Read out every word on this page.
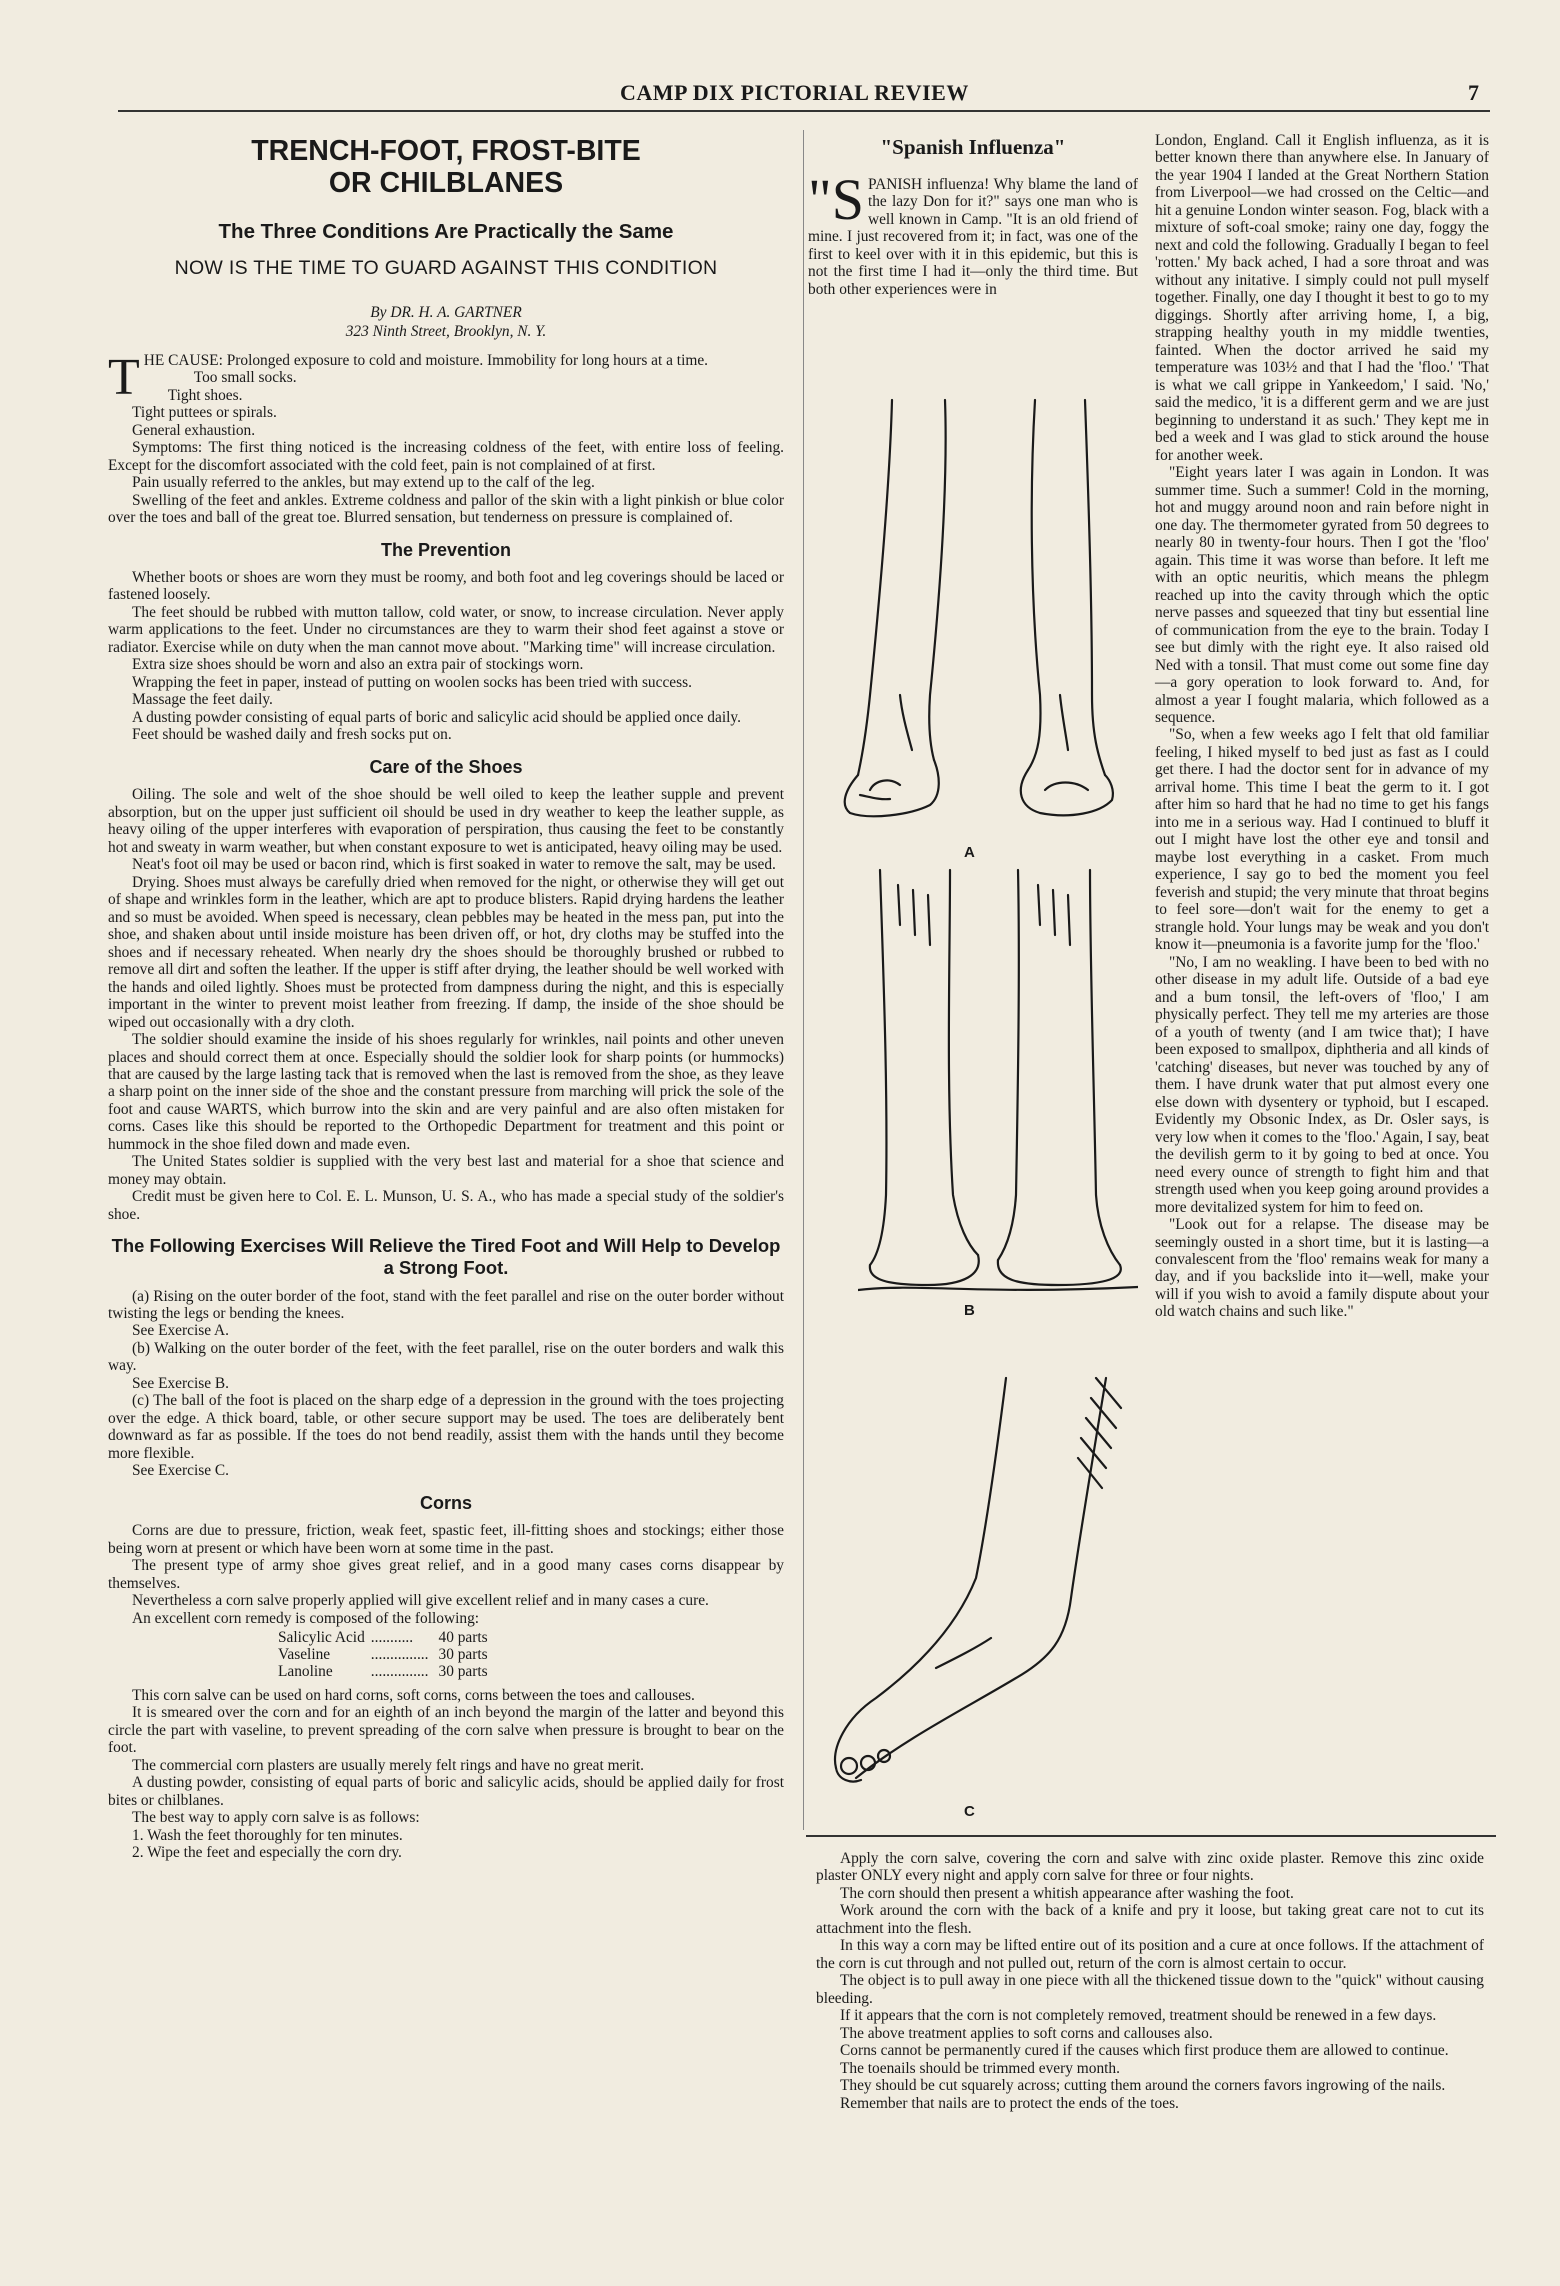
CAMP DIX PICTORIAL REVIEW	7
TRENCH-FOOT, FROST-BITE
OR CHILBLANES
The Three Conditions Are Practically the Same
NOW IS THE TIME TO GUARD AGAINST THIS CONDITION
By DR. H. A. GARTNER
323 Ninth Street, Brooklyn, N. Y.

THE CAUSE: Prolonged exposure to cold and moisture. Immobility for long hours at a time.

Too small socks.

Tight shoes.

Tight puttees or spirals.

General exhaustion.

Symptoms: The first thing noticed is the increasing coldness of the feet, with entire loss of feeling. Except for the discomfort associated with the cold feet, pain is not complained of at first.

Pain usually referred to the ankles, but may extend up to the calf of the leg.

Swelling of the feet and ankles. Extreme coldness and pallor of the skin with a light pinkish or blue color over the toes and ball of the great toe. Blurred sensation, but tenderness on pressure is complained of.

The Prevention

Whether boots or shoes are worn they must be roomy, and both foot and leg coverings should be laced or fastened loosely.

The feet should be rubbed with mutton tallow, cold water, or snow, to increase circulation. Never apply warm applications to the feet. Under no circumstances are they to warm their shod feet against a stove or radiator. Exercise while on duty when the man cannot move about. "Marking time" will increase circulation.

Extra size shoes should be worn and also an extra pair of stockings worn.

Wrapping the feet in paper, instead of putting on woolen socks has been tried with success.

Massage the feet daily.

A dusting powder consisting of equal parts of boric and salicylic acid should be applied once daily.

Feet should be washed daily and fresh socks put on.

Care of the Shoes

Oiling. The sole and welt of the shoe should be well oiled to keep the leather supple and prevent absorption, but on the upper just sufficient oil should be used in dry weather to keep the leather supple, as heavy oiling of the upper interferes with evaporation of perspiration, thus causing the feet to be constantly hot and sweaty in warm weather, but when constant exposure to wet is anticipated, heavy oiling may be used.

Neat's foot oil may be used or bacon rind, which is first soaked in water to remove the salt, may be used.

Drying. Shoes must always be carefully dried when removed for the night, or otherwise they will get out of shape and wrinkles form in the leather, which are apt to produce blisters. Rapid drying hardens the leather and so must be avoided. When speed is necessary, clean pebbles may be heated in the mess pan, put into the shoe, and shaken about until inside moisture has been driven off, or hot, dry cloths may be stuffed into the shoes and if necessary reheated. When nearly dry the shoes should be thoroughly brushed or rubbed to remove all dirt and soften the leather. If the upper is stiff after drying, the leather should be well worked with the hands and oiled lightly. Shoes must be protected from dampness during the night, and this is especially important in the winter to prevent moist leather from freezing. If damp, the inside of the shoe should be wiped out occasionally with a dry cloth.

The soldier should examine the inside of his shoes regularly for wrinkles, nail points and other uneven places and should correct them at once. Especially should the soldier look for sharp points (or hummocks) that are caused by the large lasting tack that is removed when the last is removed from the shoe, as they leave a sharp point on the inner side of the shoe and the constant pressure from marching will prick the sole of the foot and cause WARTS, which burrow into the skin and are very painful and are also often mistaken for corns. Cases like this should be reported to the Orthopedic Department for treatment and this point or hummock in the shoe filed down and made even.

The United States soldier is supplied with the very best last and material for a shoe that science and money may obtain.

Credit must be given here to Col. E. L. Munson, U. S. A., who has made a special study of the soldier's shoe.

The Following Exercises Will Relieve the Tired Foot and Will Help to Develop a Strong Foot.

(a) Rising on the outer border of the foot, stand with the feet parallel and rise on the outer border without twisting the legs or bending the knees.

See Exercise A.

(b) Walking on the outer border of the feet, with the feet parallel, rise on the outer borders and walk this way.

See Exercise B.

(c) The ball of the foot is placed on the sharp edge of a depression in the ground with the toes projecting over the edge. A thick board, table, or other secure support may be used. The toes are deliberately bent downward as far as possible. If the toes do not bend readily, assist them with the hands until they become more flexible.

See Exercise C.

Corns

Corns are due to pressure, friction, weak feet, spastic feet, ill-fitting shoes and stockings; either those being worn at present or which have been worn at some time in the past.

The present type of army shoe gives great relief, and in a good many cases corns disappear by themselves.

Nevertheless a corn salve properly applied will give excellent relief and in many cases a cure.

An excellent corn remedy is composed of the following:

Salicylic Acid	...........	40 parts
Vaseline	...............	30 parts
Lanoline	...............	30 parts

This corn salve can be used on hard corns, soft corns, corns between the toes and callouses.

It is smeared over the corn and for an eighth of an inch beyond the margin of the latter and beyond this circle the part with vaseline, to prevent spreading of the corn salve when pressure is brought to bear on the foot.

The commercial corn plasters are usually merely felt rings and have no great merit.

A dusting powder, consisting of equal parts of boric and salicylic acids, should be applied daily for frost bites or chilblanes.

The best way to apply corn salve is as follows:

1. Wash the feet thoroughly for ten minutes.
2. Wipe the feet and especially the corn dry.
"Spanish Influenza"

"S PANISH influenza! Why blame the land of the lazy Don for it?" says one man who is well known in Camp. "It is an old friend of mine. I just recovered from it; in fact, was one of the first to keel over with it in this epidemic, but this is not the first time I had it—only the third time. But both other experiences were in

A
B
C

London, England. Call it English influenza, as it is better known there than anywhere else. In January of the year 1904 I landed at the Great Northern Station from Liverpool—we had crossed on the Celtic—and hit a genuine London winter season. Fog, black with a mixture of soft-coal smoke; rainy one day, foggy the next and cold the following. Gradually I began to feel 'rotten.' My back ached, I had a sore throat and was without any initative. I simply could not pull myself together. Finally, one day I thought it best to go to my diggings. Shortly after arriving home, I, a big, strapping healthy youth in my middle twenties, fainted. When the doctor arrived he said my temperature was 103½ and that I had the 'floo.' 'That is what we call grippe in Yankeedom,' I said. 'No,' said the medico, 'it is a different germ and we are just beginning to understand it as such.' They kept me in bed a week and I was glad to stick around the house for another week.

"Eight years later I was again in London. It was summer time. Such a summer! Cold in the morning, hot and muggy around noon and rain before night in one day. The thermometer gyrated from 50 degrees to nearly 80 in twenty-four hours. Then I got the 'floo' again. This time it was worse than before. It left me with an optic neuritis, which means the phlegm reached up into the cavity through which the optic nerve passes and squeezed that tiny but essential line of communication from the eye to the brain. Today I see but dimly with the right eye. It also raised old Ned with a tonsil. That must come out some fine day—a gory operation to look forward to. And, for almost a year I fought malaria, which followed as a sequence.

"So, when a few weeks ago I felt that old familiar feeling, I hiked myself to bed just as fast as I could get there. I had the doctor sent for in advance of my arrival home. This time I beat the germ to it. I got after him so hard that he had no time to get his fangs into me in a serious way. Had I continued to bluff it out I might have lost the other eye and tonsil and maybe lost everything in a casket. From much experience, I say go to bed the moment you feel feverish and stupid; the very minute that throat begins to feel sore—don't wait for the enemy to get a strangle hold. Your lungs may be weak and you don't know it—pneumonia is a favorite jump for the 'floo.'

"No, I am no weakling. I have been to bed with no other disease in my adult life. Outside of a bad eye and a bum tonsil, the left-overs of 'floo,' I am physically perfect. They tell me my arteries are those of a youth of twenty (and I am twice that); I have been exposed to smallpox, diphtheria and all kinds of 'catching' diseases, but never was touched by any of them. I have drunk water that put almost every one else down with dysentery or typhoid, but I escaped. Evidently my Obsonic Index, as Dr. Osler says, is very low when it comes to the 'floo.' Again, I say, beat the devilish germ to it by going to bed at once. You need every ounce of strength to fight him and that strength used when you keep going around provides a more devitalized system for him to feed on.

"Look out for a relapse. The disease may be seemingly ousted in a short time, but it is lasting—a convalescent from the 'floo' remains weak for many a day, and if you backslide into it—well, make your will if you wish to avoid a family dispute about your old watch chains and such like."

Apply the corn salve, covering the corn and salve with zinc oxide plaster. Remove this zinc oxide plaster ONLY every night and apply corn salve for three or four nights.

The corn should then present a whitish appearance after washing the foot.

Work around the corn with the back of a knife and pry it loose, but taking great care not to cut its attachment into the flesh.

In this way a corn may be lifted entire out of its position and a cure at once follows. If the attachment of the corn is cut through and not pulled out, return of the corn is almost certain to occur.

The object is to pull away in one piece with all the thickened tissue down to the "quick" without causing bleeding.

If it appears that the corn is not completely removed, treatment should be renewed in a few days.

The above treatment applies to soft corns and callouses also.

Corns cannot be permanently cured if the causes which first produce them are allowed to continue.

The toenails should be trimmed every month.

They should be cut squarely across; cutting them around the corners favors ingrowing of the nails.

Remember that nails are to protect the ends of the toes.
